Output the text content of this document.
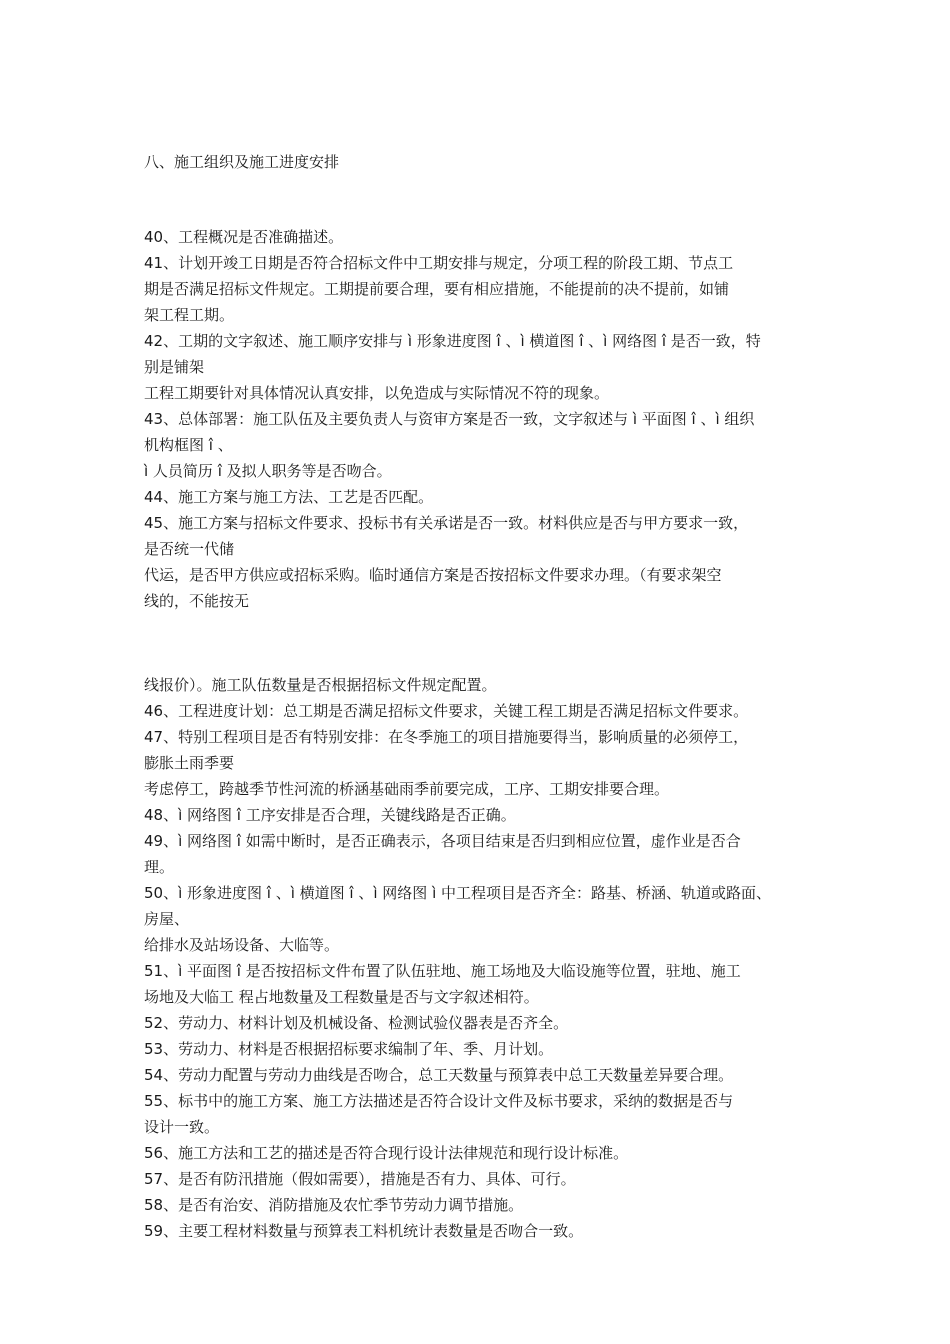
八、施工组织及施工进度安排
40、工程概况是否准确描述。
41、计划开竣工日期是否符合招标文件中工期安排与规定，分项工程的阶段工期、节点工
期是否满足招标文件规定。工期提前要合理，要有相应措施，不能提前的决不提前，如铺
架工程工期。
42、工期的文字叙述、施工顺序安排与 ì 形象进度图 î 、ì 横道图 î 、ì 网络图 î 是否一致，特
别是铺架
工程工期要针对具体情况认真安排，以免造成与实际情况不符的现象。
43、总体部署：施工队伍及主要负责人与资审方案是否一致，文字叙述与 ì 平面图 î 、ì 组织
机构框图 î 、
ì 人员简历 î 及拟人职务等是否吻合。
44、施工方案与施工方法、工艺是否匹配。
45、施工方案与招标文件要求、投标书有关承诺是否一致。材料供应是否与甲方要求一致，
是否统一代储
代运，是否甲方供应或招标采购。临时通信方案是否按招标文件要求办理。（有要求架空
线的，不能按无
线报价）。施工队伍数量是否根据招标文件规定配置。
46、工程进度计划：总工期是否满足招标文件要求，关键工程工期是否满足招标文件要求。
47、特别工程项目是否有特别安排：在冬季施工的项目措施要得当，影响质量的必须停工，
膨胀土雨季要
考虑停工，跨越季节性河流的桥涵基础雨季前要完成，工序、工期安排要合理。
48、ì 网络图 î 工序安排是否合理，关键线路是否正确。
49、ì 网络图 î 如需中断时，是否正确表示，各项目结束是否归到相应位置，虚作业是否合
理。
50、ì 形象进度图 î 、ì 横道图 î 、ì 网络图 ì 中工程项目是否齐全：路基、桥涵、轨道或路面、
房屋、
给排水及站场设备、大临等。
51、ì 平面图 î 是否按招标文件布置了队伍驻地、施工场地及大临设施等位置，驻地、施工
场地及大临工 程占地数量及工程数量是否与文字叙述相符。
52、劳动力、材料计划及机械设备、检测试验仪器表是否齐全。
53、劳动力、材料是否根据招标要求编制了年、季、月计划。
54、劳动力配置与劳动力曲线是否吻合，总工天数量与预算表中总工天数量差异要合理。
55、标书中的施工方案、施工方法描述是否符合设计文件及标书要求，采纳的数据是否与
设计一致。
56、施工方法和工艺的描述是否符合现行设计法律规范和现行设计标准。
57、是否有防汛措施（假如需要），措施是否有力、具体、可行。
58、是否有治安、消防措施及农忙季节劳动力调节措施。
59、主要工程材料数量与预算表工料机统计表数量是否吻合一致。
